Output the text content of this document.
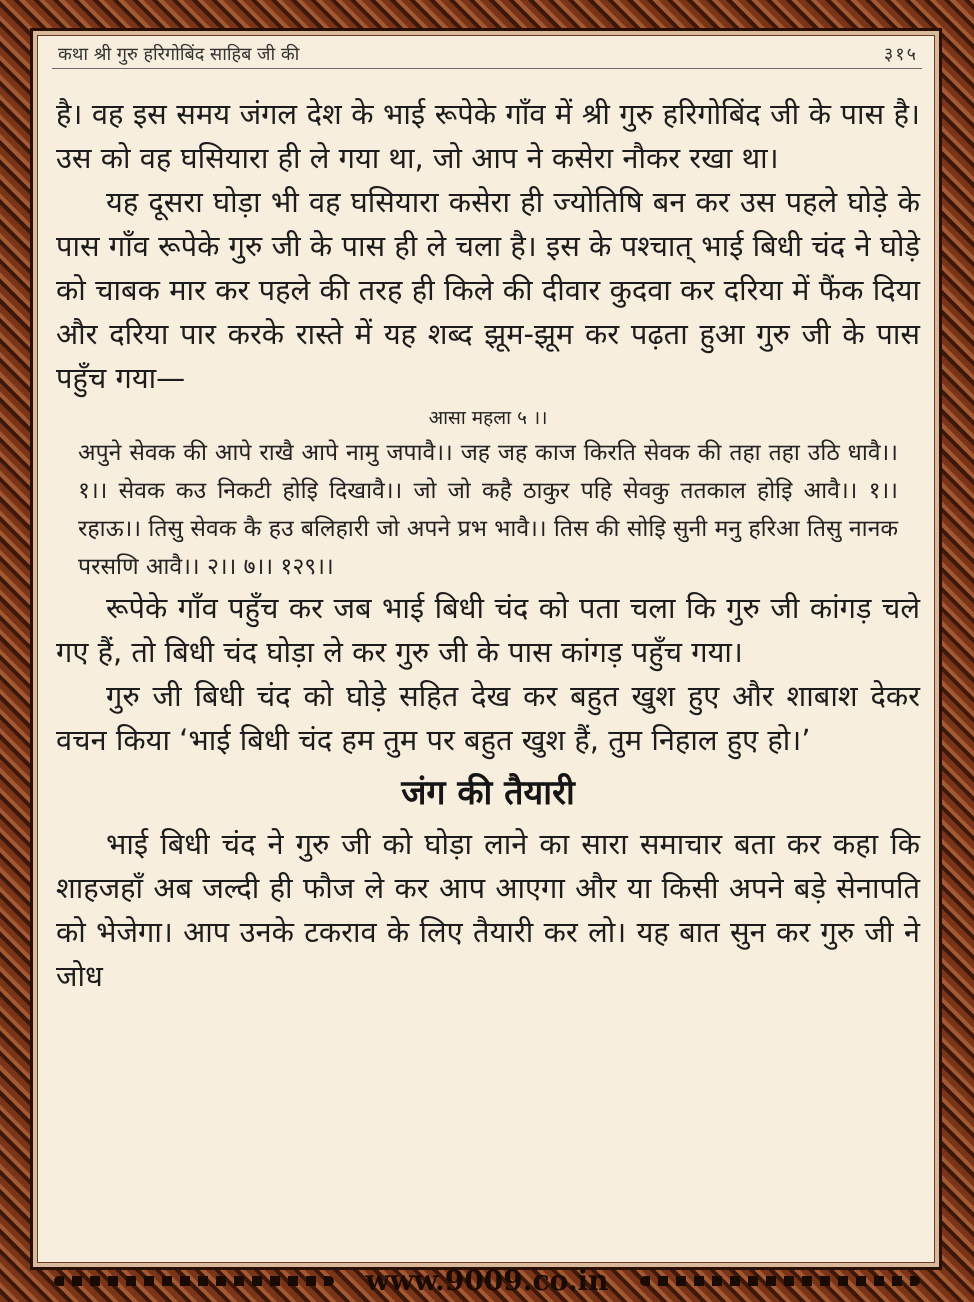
कथा श्री गुरु हरिगोबिंद साहिब जी की	३१५

है। वह इस समय जंगल देश के भाई रूपेके गाँव में श्री गुरु हरिगोबिंद जी के पास है। उस को वह घसियारा ही ले गया था, जो आप ने कसेरा नौकर रखा था।

यह दूसरा घोड़ा भी वह घसियारा कसेरा ही ज्योतिषि बन कर उस पहले घोड़े के पास गाँव रूपेके गुरु जी के पास ही ले चला है। इस के पश्चात् भाई बिधी चंद ने घोड़े को चाबक मार कर पहले की तरह ही किले की दीवार कुदवा कर दरिया में फैंक दिया और दरिया पार करके रास्ते में यह शब्द झूम-झूम कर पढ़ता हुआ गुरु जी के पास पहुँच गया—

आसा महला ५ ।।
अपुने सेवक की आपे राखै आपे नामु जपावै।। जह जह काज किरति सेवक की तहा तहा उठि धावै।। १।। सेवक कउ निकटी होइि दिखावै।। जो जो कहै ठाकुर पहि सेवकु ततकाल होइि आवै।। १।। रहाऊ।। तिसु सेवक कै हउ बलिहारी जो अपने प्रभ भावै।। तिस की सोइि सुनी मनु हरिआ तिसु नानक परसणि आवै।। २।। ७।। १२९।।

रूपेके गाँव पहुँच कर जब भाई बिधी चंद को पता चला कि गुरु जी कांगड़ चले गए हैं, तो बिधी चंद घोड़ा ले कर गुरु जी के पास कांगड़ पहुँच गया।

गुरु जी बिधी चंद को घोड़े सहित देख कर बहुत खुश हुए और शाबाश देकर वचन किया ‘भाई बिधी चंद हम तुम पर बहुत खुश हैं, तुम निहाल हुए हो।’

जंग की तैयारी

भाई बिधी चंद ने गुरु जी को घोड़ा लाने का सारा समाचार बता कर कहा कि शाहजहाँ अब जल्दी ही फौज ले कर आप आएगा और या किसी अपने बड़े सेनापति को भेजेगा। आप उनके टकराव के लिए तैयारी कर लो। यह बात सुन कर गुरु जी ने जोध

www.9009.co.in
